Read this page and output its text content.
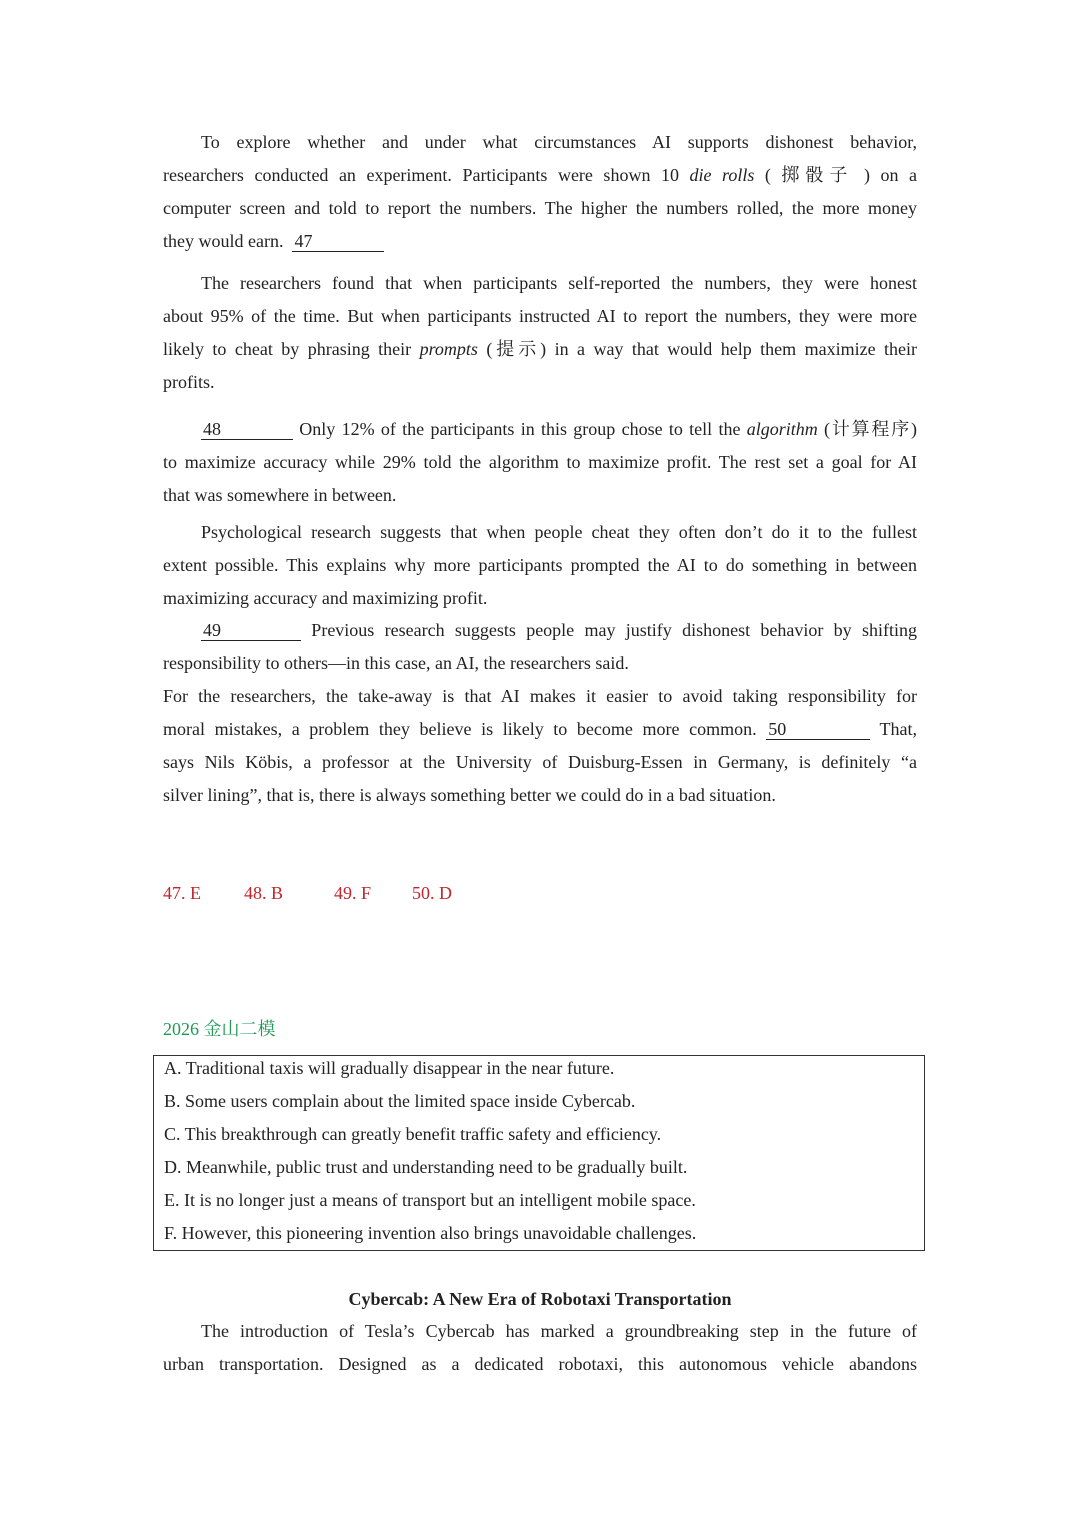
To explore whether and under what circumstances AI supports dishonest behavior,
researchers conducted an experiment. Participants were shown 10 die rolls ( 掷骰子 ) on a
computer screen and told to report the numbers. The higher the numbers rolled, the more money
they would earn. 47
The researchers found that when participants self-reported the numbers, they were honest
about 95% of the time. But when participants instructed AI to report the numbers, they were more
likely to cheat by phrasing their prompts (提示) in a way that would help them maximize their
profits.
48	Only 12% of the participants in this group chose to tell the algorithm (计算程序)
to maximize accuracy while 29% told the algorithm to maximize profit. The rest set a goal for AI
that was somewhere in between.
Psychological research suggests that when people cheat they often don’t do it to the fullest
extent possible. This explains why more participants prompted the AI to do something in between
maximizing accuracy and maximizing profit.
49	Previous research suggests people may justify dishonest behavior by shifting
responsibility to others—in this case, an AI, the researchers said.
For the researchers, the take-away is that AI makes it easier to avoid taking responsibility for
moral mistakes, a problem they believe is likely to become more common. 50	That,
says Nils Köbis, a professor at the University of Duisburg-Essen in Germany, is definitely “a
silver lining”, that is, there is always something better we could do in a bad situation.
47. E 48. B	49. F 50. D
2026 金山二模
A. Traditional taxis will gradually disappear in the near future.
B. Some users complain about the limited space inside Cybercab.
C. This breakthrough can greatly benefit traffic safety and efficiency.
D. Meanwhile, public trust and understanding need to be gradually built.
E. It is no longer just a means of transport but an intelligent mobile space.
F. However, this pioneering invention also brings unavoidable challenges.
Cybercab: A New Era of Robotaxi Transportation
The introduction of Tesla’s Cybercab has marked a groundbreaking step in the future of
urban transportation. Designed as a dedicated robotaxi, this autonomous vehicle abandons
